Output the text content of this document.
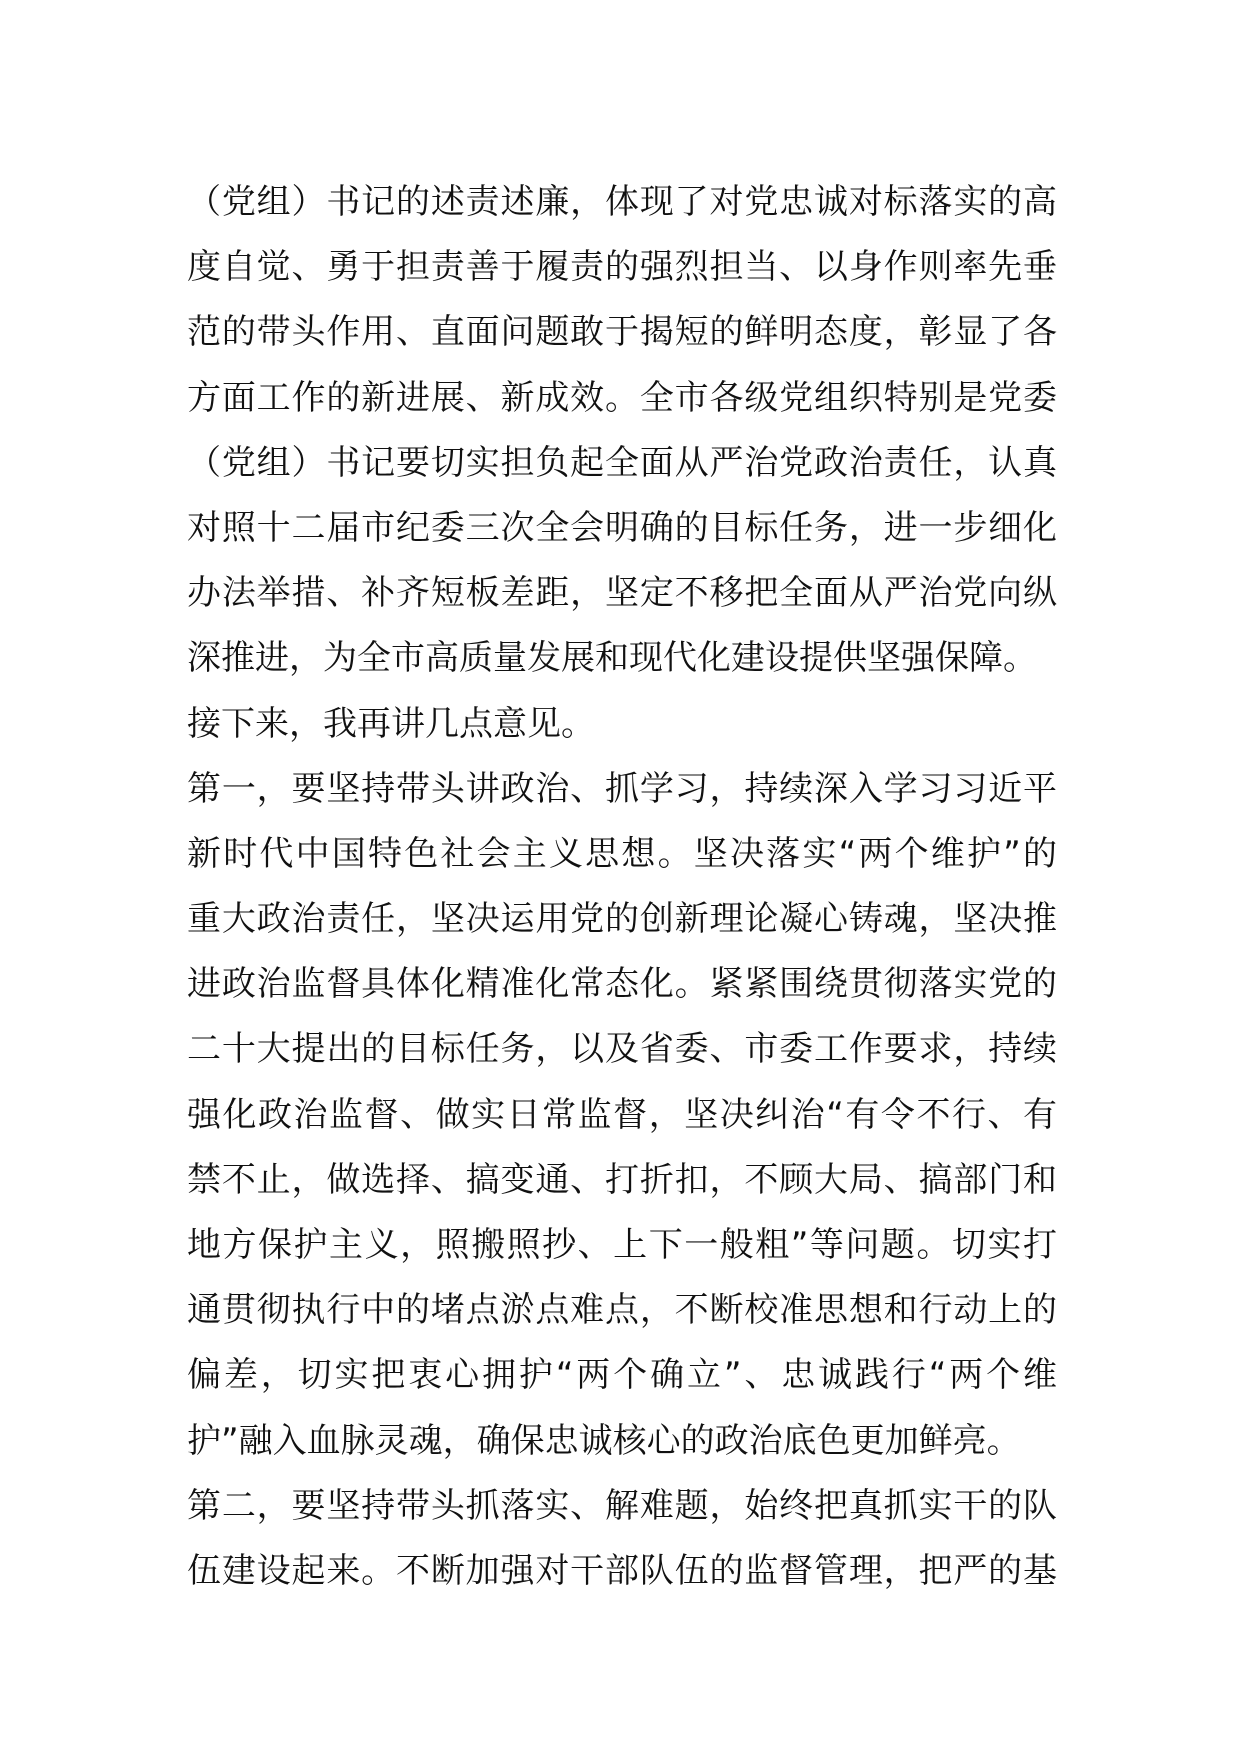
（党组）书记的述责述廉，体现了对党忠诚对标落实的高
度自觉、勇于担责善于履责的强烈担当、以身作则率先垂
范的带头作用、直面问题敢于揭短的鲜明态度，彰显了各
方面工作的新进展、新成效。全市各级党组织特别是党委
（党组）书记要切实担负起全面从严治党政治责任，认真
对照十二届市纪委三次全会明确的目标任务，进一步细化
办法举措、补齐短板差距，坚定不移把全面从严治党向纵
深推进，为全市高质量发展和现代化建设提供坚强保障。
接下来，我再讲几点意见。
第一，要坚持带头讲政治、抓学习，持续深入学习习近平
新时代中国特色社会主义思想。坚决落实“两个维护”的
重大政治责任，坚决运用党的创新理论凝心铸魂，坚决推
进政治监督具体化精准化常态化。紧紧围绕贯彻落实党的
二十大提出的目标任务，以及省委、市委工作要求，持续
强化政治监督、做实日常监督，坚决纠治“有令不行、有
禁不止，做选择、搞变通、打折扣，不顾大局、搞部门和
地方保护主义，照搬照抄、上下一般粗”等问题。切实打
通贯彻执行中的堵点淤点难点，不断校准思想和行动上的
偏差，切实把衷心拥护“两个确立”、忠诚践行“两个维
护”融入血脉灵魂，确保忠诚核心的政治底色更加鲜亮。
第二，要坚持带头抓落实、解难题，始终把真抓实干的队
伍建设起来。不断加强对干部队伍的监督管理，把严的基
